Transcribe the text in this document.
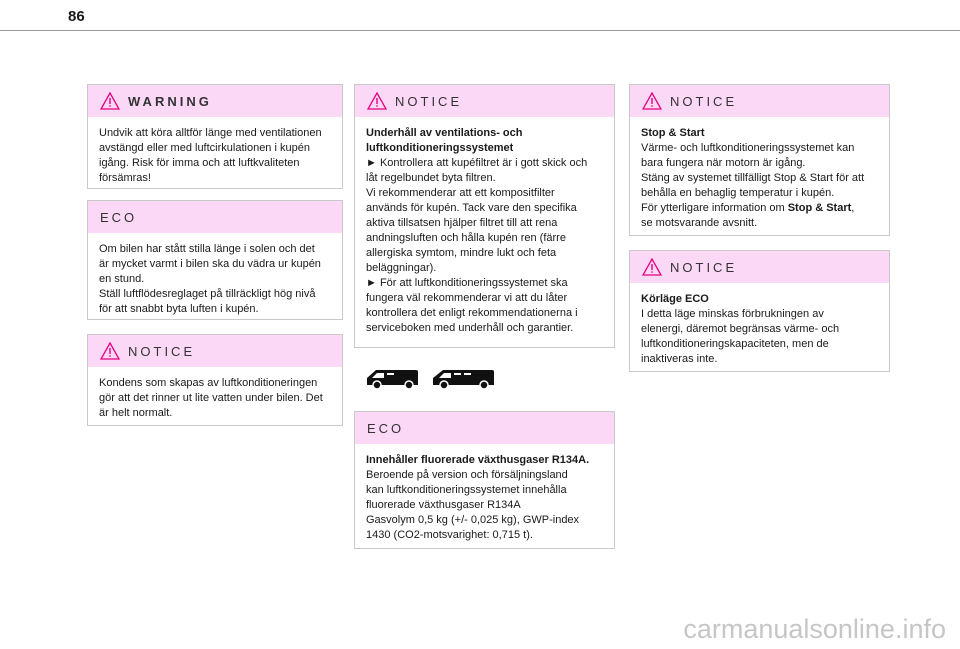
86
WARNING

Undvik att köra alltför länge med ventilationen

avstängd eller med luftcirkulationen i kupén

igång. Risk för imma och att luftkvaliteten

försämras!

ECO

Om bilen har stått stilla länge i solen och det

är mycket varmt i bilen ska du vädra ur kupén

en stund.

Ställ luftflödesreglaget på tillräckligt hög nivå

för att snabbt byta luften i kupén.

NOTICE

Kondens som skapas av luftkonditioneringen

gör att det rinner ut lite vatten under bilen. Det

är helt normalt.

NOTICE

Underhåll av ventilations- och

luftkonditioneringssystemet

► Kontrollera att kupéfiltret är i gott skick och

låt regelbundet byta filtren.

Vi rekommenderar att ett kompositfilter

används för kupén. Tack vare den specifika

aktiva tillsatsen hjälper filtret till att rena

andningsluften och hålla kupén ren (färre

allergiska symtom, mindre lukt och feta

beläggningar).

► För att luftkonditioneringssystemet ska

fungera väl rekommenderar vi att du låter

kontrollera det enligt rekommendationerna i

serviceboken med underhåll och garantier.

ECO

Innehåller fluorerade växthusgaser R134A.

Beroende på version och försäljningsland

kan luftkonditioneringssystemet innehålla

fluorerade växthusgaser R134A

Gasvolym 0,5 kg (+/- 0,025 kg), GWP-index

1430 (CO2-motsvarighet: 0,715 t).

NOTICE

Stop & Start

Värme- och luftkonditioneringssystemet kan

bara fungera när motorn är igång.

Stäng av systemet tillfälligt Stop & Start för att

behålla en behaglig temperatur i kupén.

För ytterligare information om Stop & Start,

se motsvarande avsnitt.

NOTICE

Körläge ECO

I detta läge minskas förbrukningen av

elenergi, däremot begränsas värme- och

luftkonditioneringskapaciteten, men de

inaktiveras inte.

carmanualsonline.info
